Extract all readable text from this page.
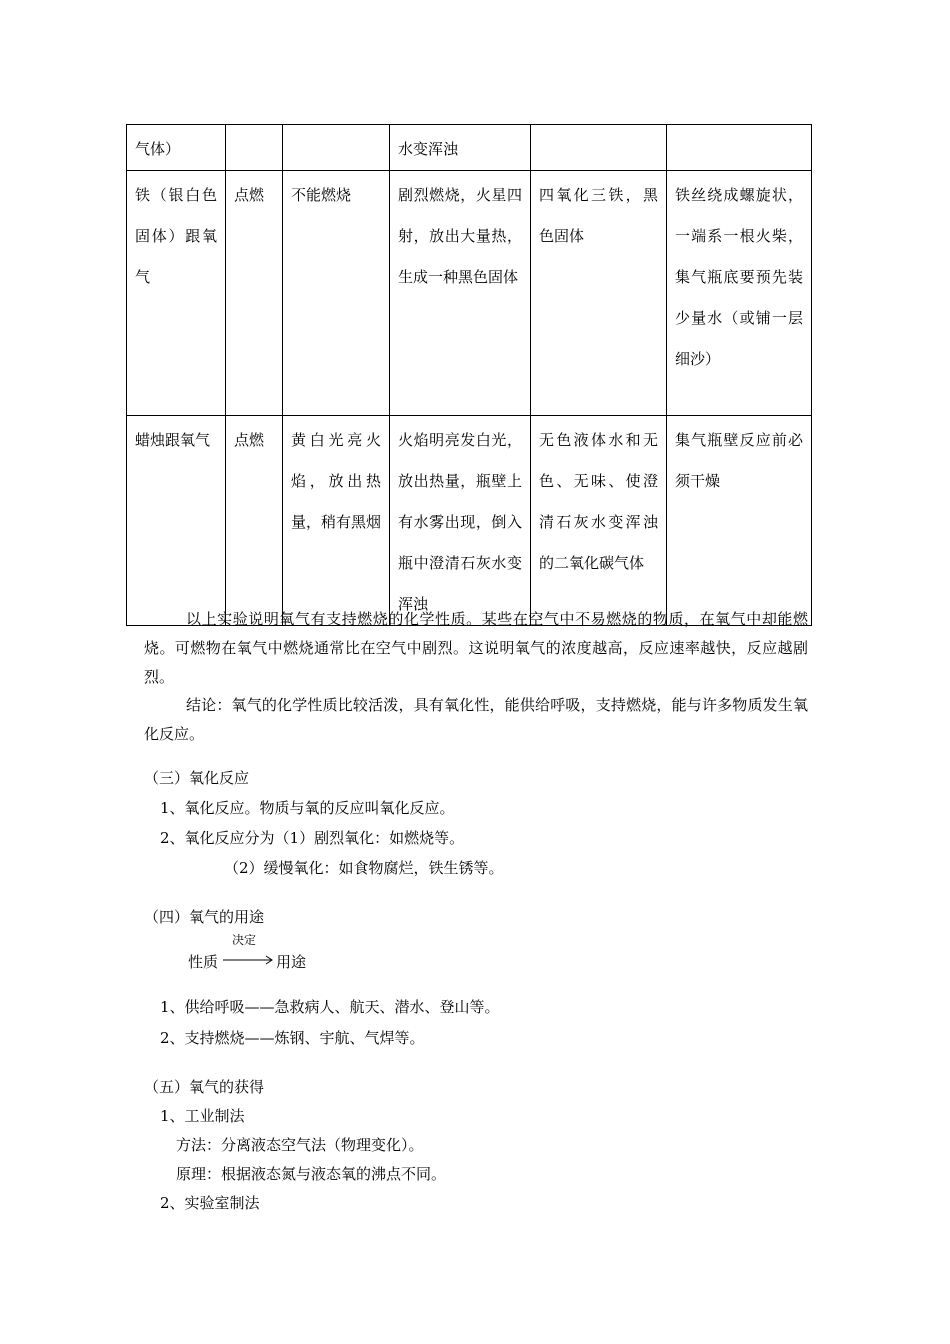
气体）			水变浑浊		
铁（银白色固体）跟氧气	点燃	不能燃烧	剧烈燃烧，火星四射，放出大量热，生成一种黑色固体	四氧化三铁，黑色固体	铁丝绕成螺旋状，一端系一根火柴，集气瓶底要预先装少量水（或铺一层细沙）
蜡烛跟氧气	点燃	黄白光亮火焰，放出热量，稍有黑烟	火焰明亮发白光，放出热量，瓶壁上有水雾出现，倒入瓶中澄清石灰水变浑浊	无色液体水和无色、无味、使澄清石灰水变浑浊的二氧化碳气体	集气瓶壁反应前必须干燥

以上实验说明氧气有支持燃烧的化学性质。某些在空气中不易燃烧的物质，在氧气中却能燃烧。可燃物在氧气中燃烧通常比在空气中剧烈。这说明氧气的浓度越高，反应速率越快，反应越剧烈。

结论：氧气的化学性质比较活泼，具有氧化性，能供给呼吸，支持燃烧，能与许多物质发生氧化反应。

（三）氧化反应

1、氧化反应。物质与氧的反应叫氧化反应。

2、氧化反应分为（1）剧烈氧化：如燃烧等。

（2）缓慢氧化：如食物腐烂，铁生锈等。

（四）氧气的用途

性质

决定

用途

1、供给呼吸——急救病人、航天、潜水、登山等。

2、支持燃烧——炼钢、宇航、气焊等。

（五）氧气的获得

1、工业制法

方法：分离液态空气法（物理变化）。

原理：根据液态氮与液态氧的沸点不同。

2、实验室制法
